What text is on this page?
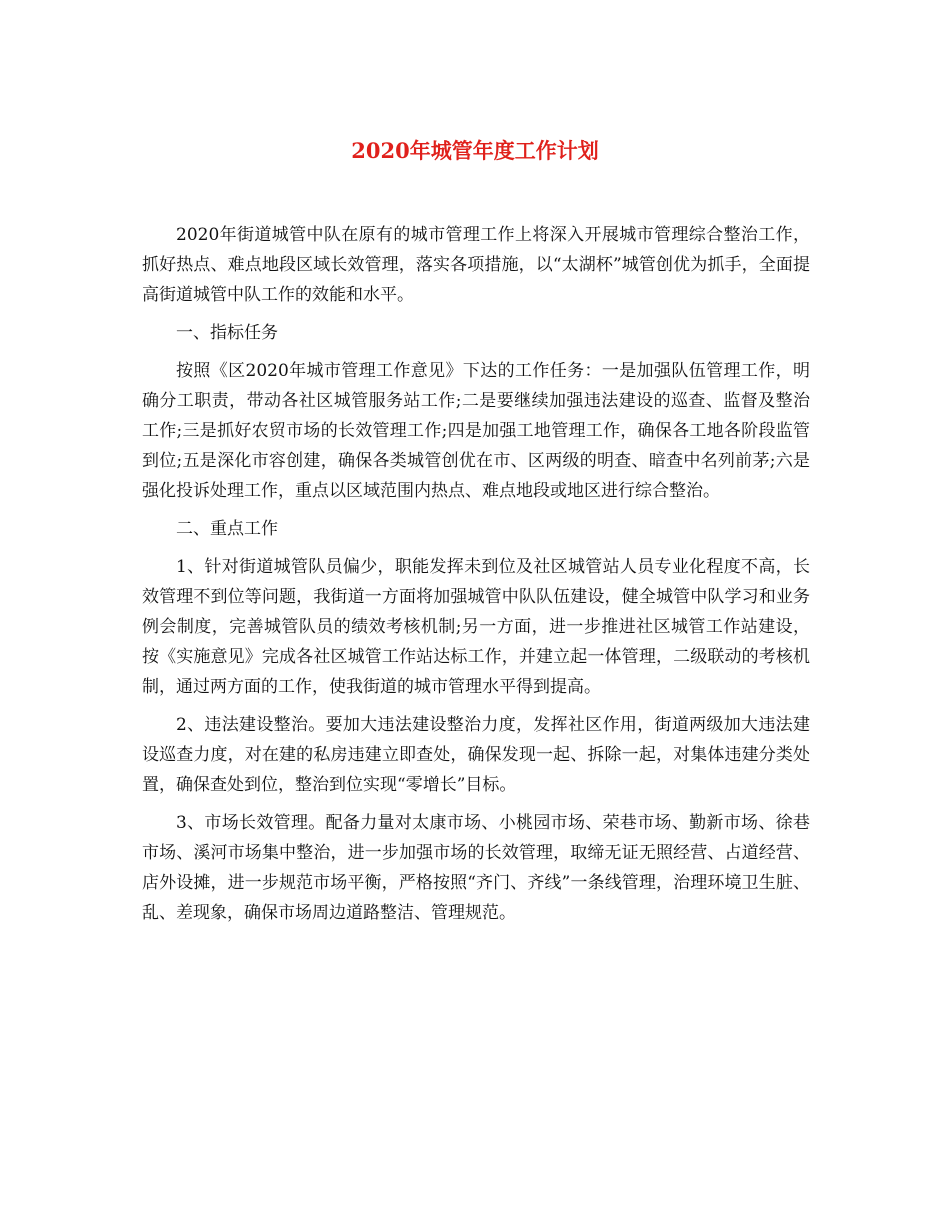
2020年城管年度工作计划

2020年街道城管中队在原有的城市管理工作上将深入开展城市管理综合整治工作，抓好热点、难点地段区域长效管理，落实各项措施，以“太湖杯”城管创优为抓手，全面提高街道城管中队工作的效能和水平。

一、指标任务

按照《区2020年城市管理工作意见》下达的工作任务：一是加强队伍管理工作，明确分工职责，带动各社区城管服务站工作;二是要继续加强违法建设的巡查、监督及整治工作;三是抓好农贸市场的长效管理工作;四是加强工地管理工作，确保各工地各阶段监管到位;五是深化市容创建，确保各类城管创优在市、区两级的明查、暗查中名列前茅;六是强化投诉处理工作，重点以区域范围内热点、难点地段或地区进行综合整治。

二、重点工作

1、针对街道城管队员偏少，职能发挥未到位及社区城管站人员专业化程度不高，长效管理不到位等问题，我街道一方面将加强城管中队队伍建设，健全城管中队学习和业务例会制度，完善城管队员的绩效考核机制;另一方面，进一步推进社区城管工作站建设，按《实施意见》完成各社区城管工作站达标工作，并建立起一体管理，二级联动的考核机制，通过两方面的工作，使我街道的城市管理水平得到提高。

2、违法建设整治。要加大违法建设整治力度，发挥社区作用，街道两级加大违法建设巡查力度，对在建的私房违建立即查处，确保发现一起、拆除一起，对集体违建分类处置，确保查处到位，整治到位实现“零增长”目标。

3、市场长效管理。配备力量对太康市场、小桃园市场、荣巷市场、勤新市场、徐巷市场、溪河市场集中整治，进一步加强市场的长效管理，取缔无证无照经营、占道经营、店外设摊，进一步规范市场平衡，严格按照“齐门、齐线”一条线管理，治理环境卫生脏、乱、差现象，确保市场周边道路整洁、管理规范。
